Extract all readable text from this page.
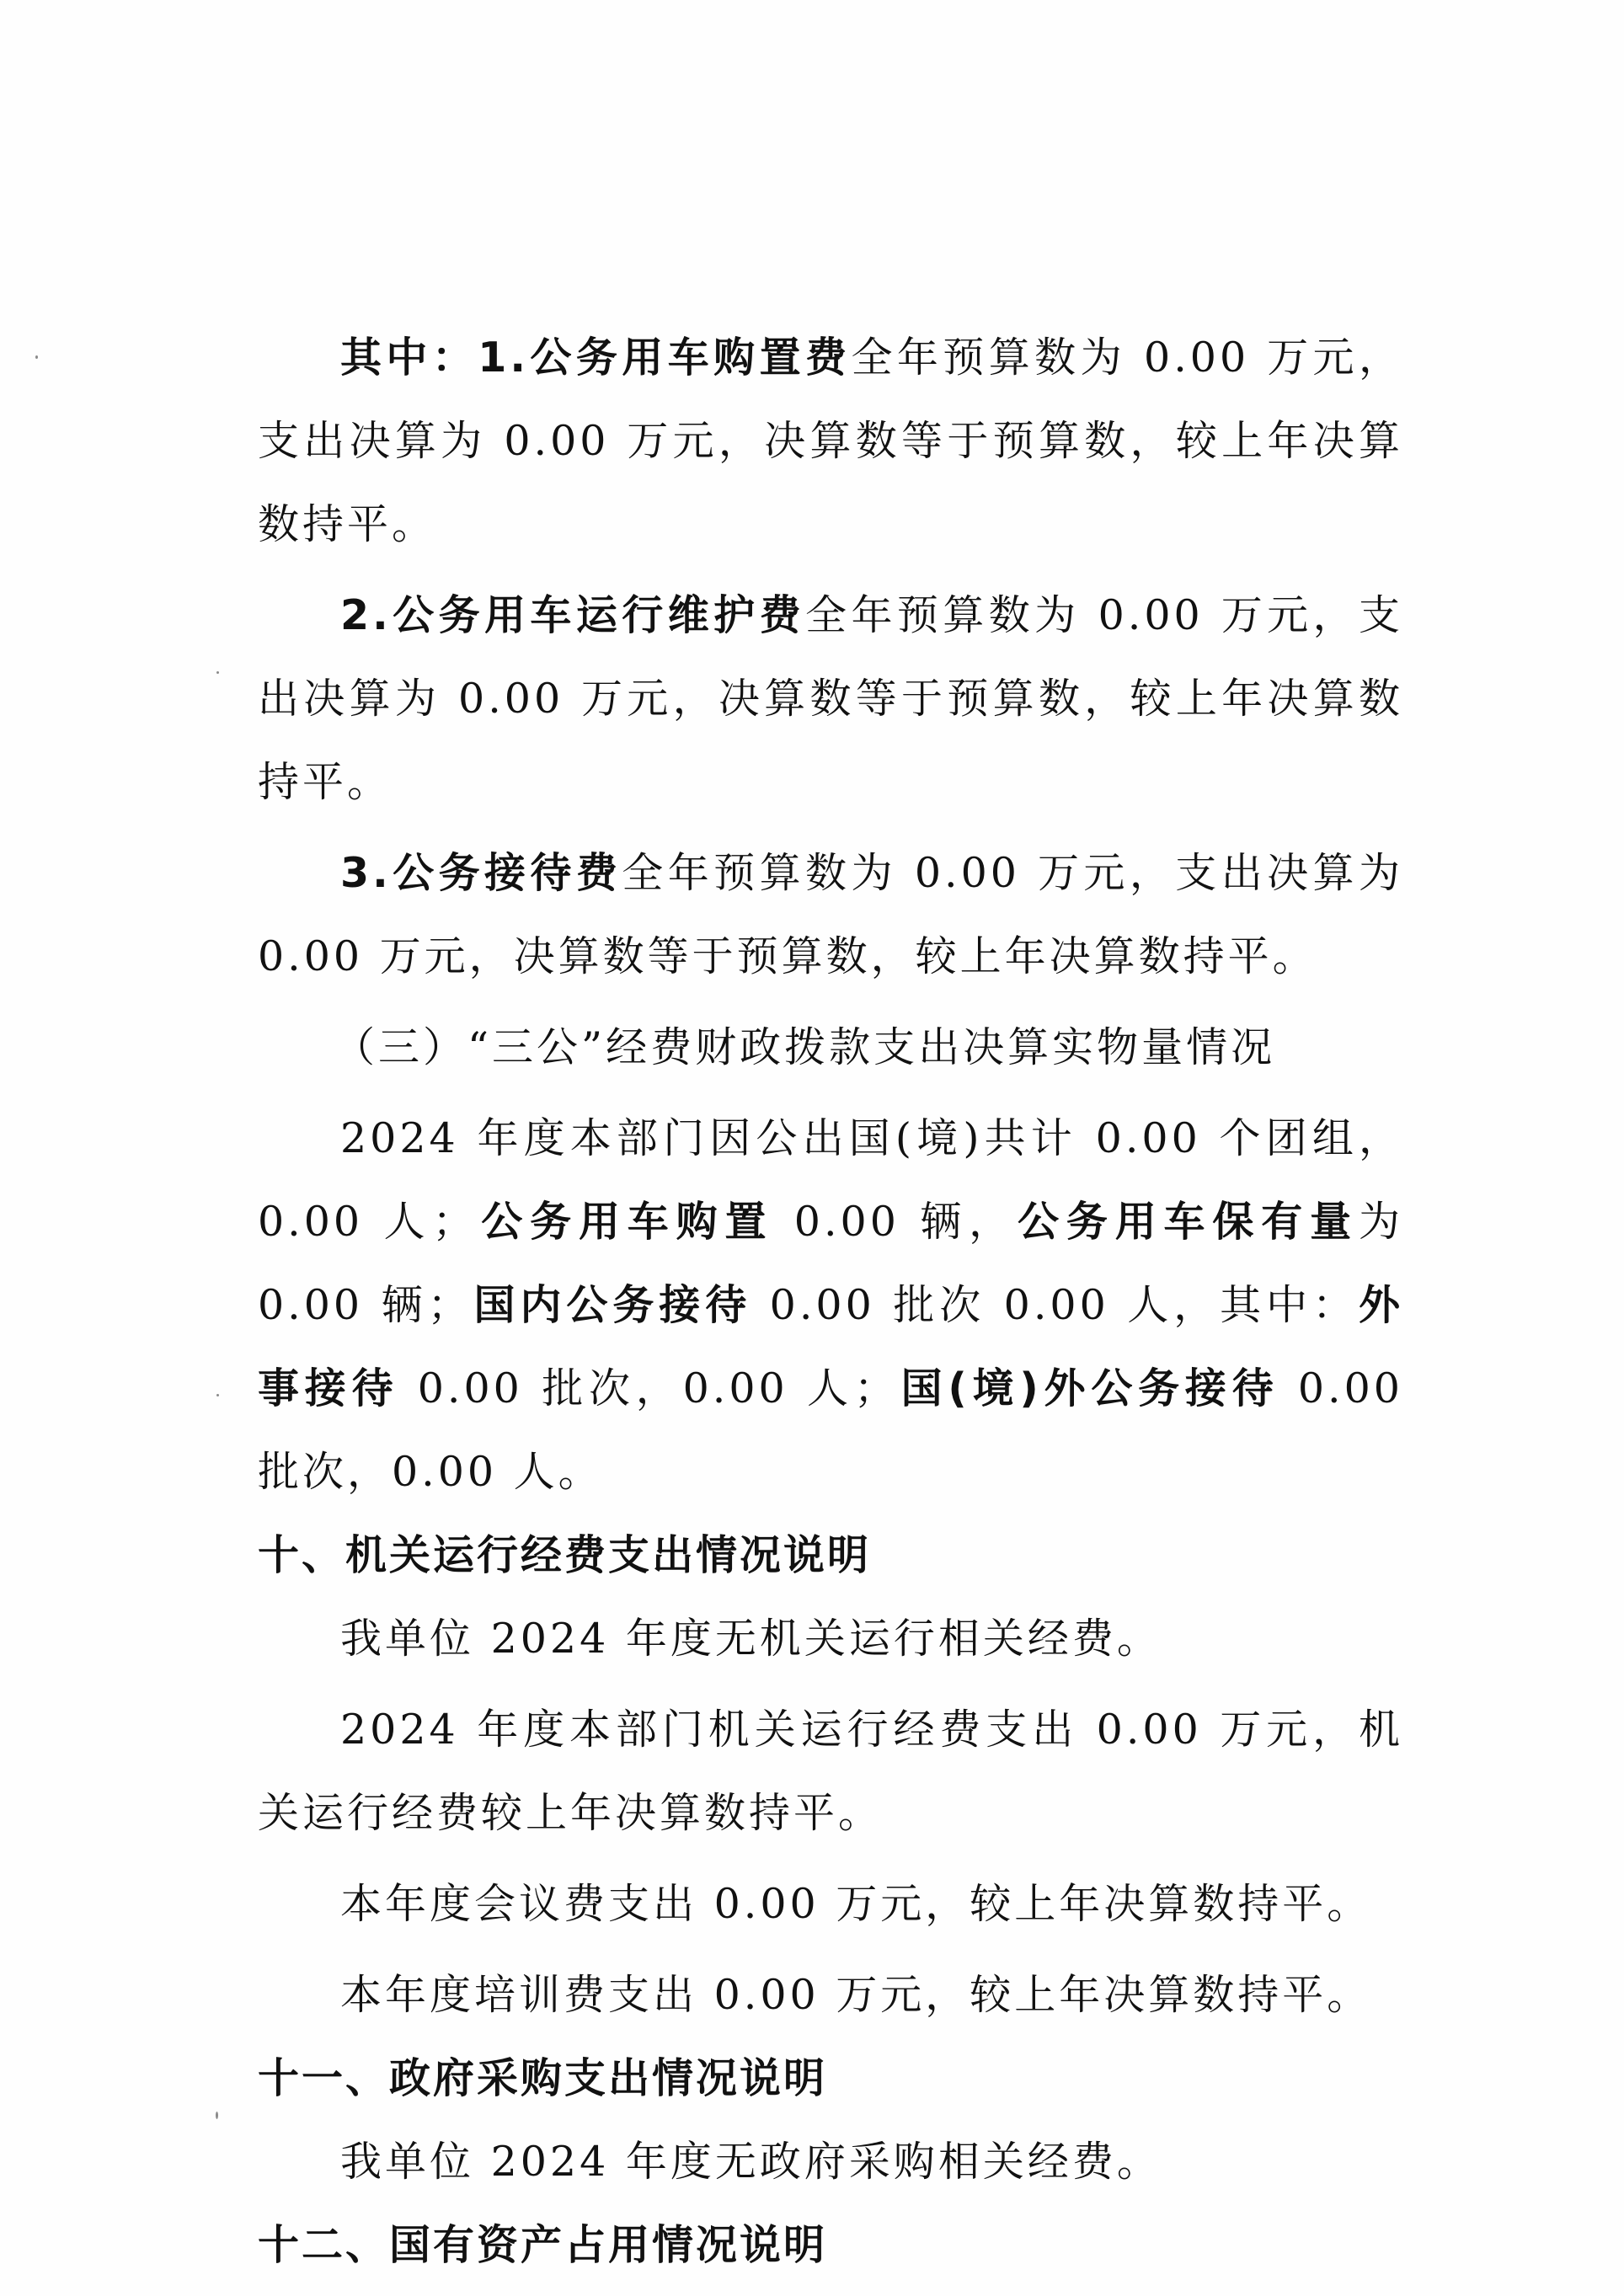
其中：1.公务用车购置费全年预算数为 0.00 万元，支出决算为 0.00 万元，决算数等于预算数，较上年决算数持平。

2.公务用车运行维护费全年预算数为 0.00 万元，支出决算为 0.00 万元，决算数等于预算数，较上年决算数持平。

3.公务接待费全年预算数为 0.00 万元，支出决算为 0.00 万元，决算数等于预算数，较上年决算数持平。

（三）“三公”经费财政拨款支出决算实物量情况

2024 年度本部门因公出国(境)共计 0.00 个团组，0.00 人；公务用车购置 0.00 辆，公务用车保有量为 0.00 辆；国内公务接待 0.00 批次 0.00 人，其中：外事接待 0.00 批次，0.00 人；国(境)外公务接待 0.00 批次，0.00 人。

十、机关运行经费支出情况说明

我单位 2024 年度无机关运行相关经费。

2024 年度本部门机关运行经费支出 0.00 万元，机关运行经费较上年决算数持平。

本年度会议费支出 0.00 万元，较上年决算数持平。

本年度培训费支出 0.00 万元，较上年决算数持平。

十一、政府采购支出情况说明

我单位 2024 年度无政府采购相关经费。

十二、国有资产占用情况说明
